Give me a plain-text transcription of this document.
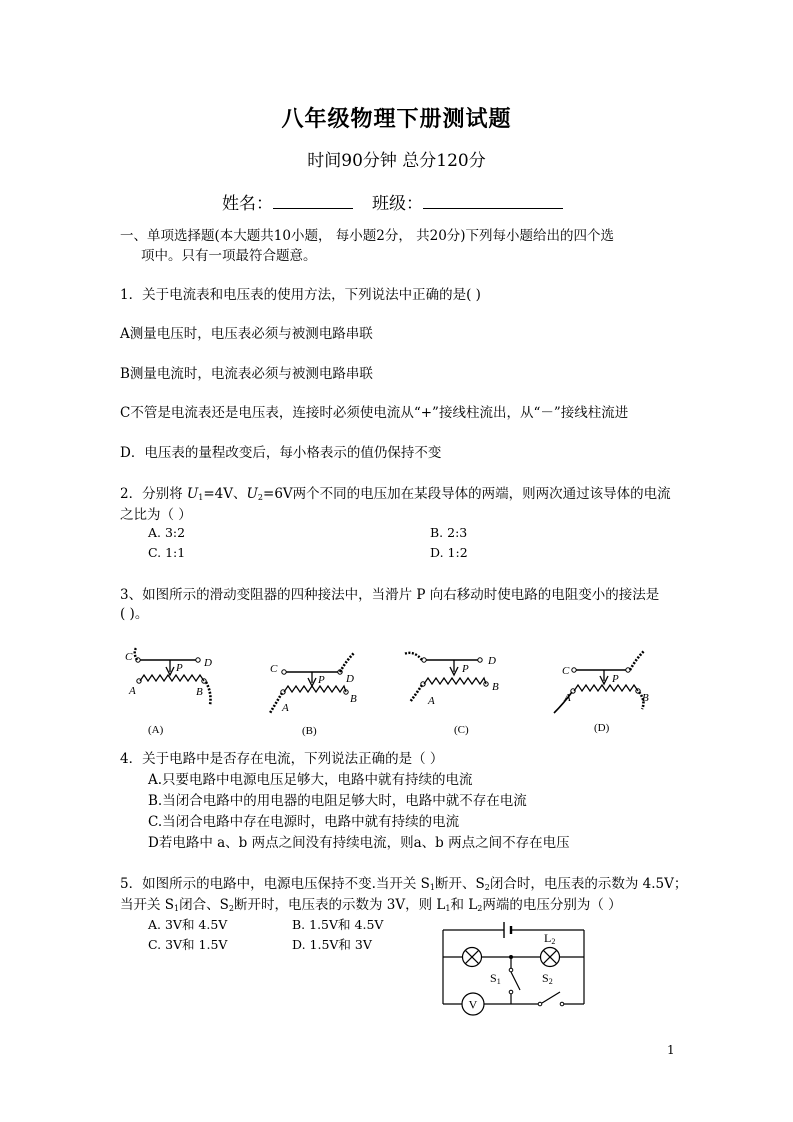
八年级物理下册测试题
时间90分钟 总分120分
姓名：	班级：
一、单项选择题(本大题共10小题， 每小题2分， 共20分)下列每小题给出的四个选
项中。只有一项最符合题意。
1．关于电流表和电压表的使用方法，下列说法中正确的是( )
A测量电压时，电压表必须与被测电路串联
B测量电流时，电流表必须与被测电路串联
C不管是电流表还是电压表，连接时必须使电流从“+”接线柱流出，从“－”接线柱流进
D．电压表的量程改变后，每小格表示的值仍保持不变
2．分别将 $U_1=4V$、$U_2=6V$两个不同的电压加在某段导体的两端，则两次通过该导体的电流
之比为（ ）
A. 3:2	B. 2:3
C. 1:1	D. 1:2
3、如图所示的滑动变阻器的四种接法中，当滑片 P 向右移动时使电路的电阻变小的接法是
( )。
C	D
A	B
P
(A)
C
D
A
B
P
(B)
D
A
B
P
(C)
C
A	B
P
(D)
4．关于电路中是否存在电流，下列说法正确的是（ ）
A.只要电路中电源电压足够大，电路中就有持续的电流
B.当闭合电路中的用电器的电阻足够大时，电路中就不存在电流
C.当闭合电路中存在电源时，电路中就有持续的电流
D若电路中 a、b 两点之间没有持续电流，则a、b 两点之间不存在电压
5．如图所示的电路中，电源电压保持不变.当开关 $S_1$断开、$S_2$闭合时，电压表的示数为 4.5V；
当开关 $S_1$闭合、$S_2$断开时，电压表的示数为 3V，则 $L_1$和 $L_2$两端的电压分别为（ ）
A. 3V和 4.5V	B. 1.5V和 4.5V
C. 3V和 1.5V	D. 1.5V和 3V
V
L2
S1	S2
1
